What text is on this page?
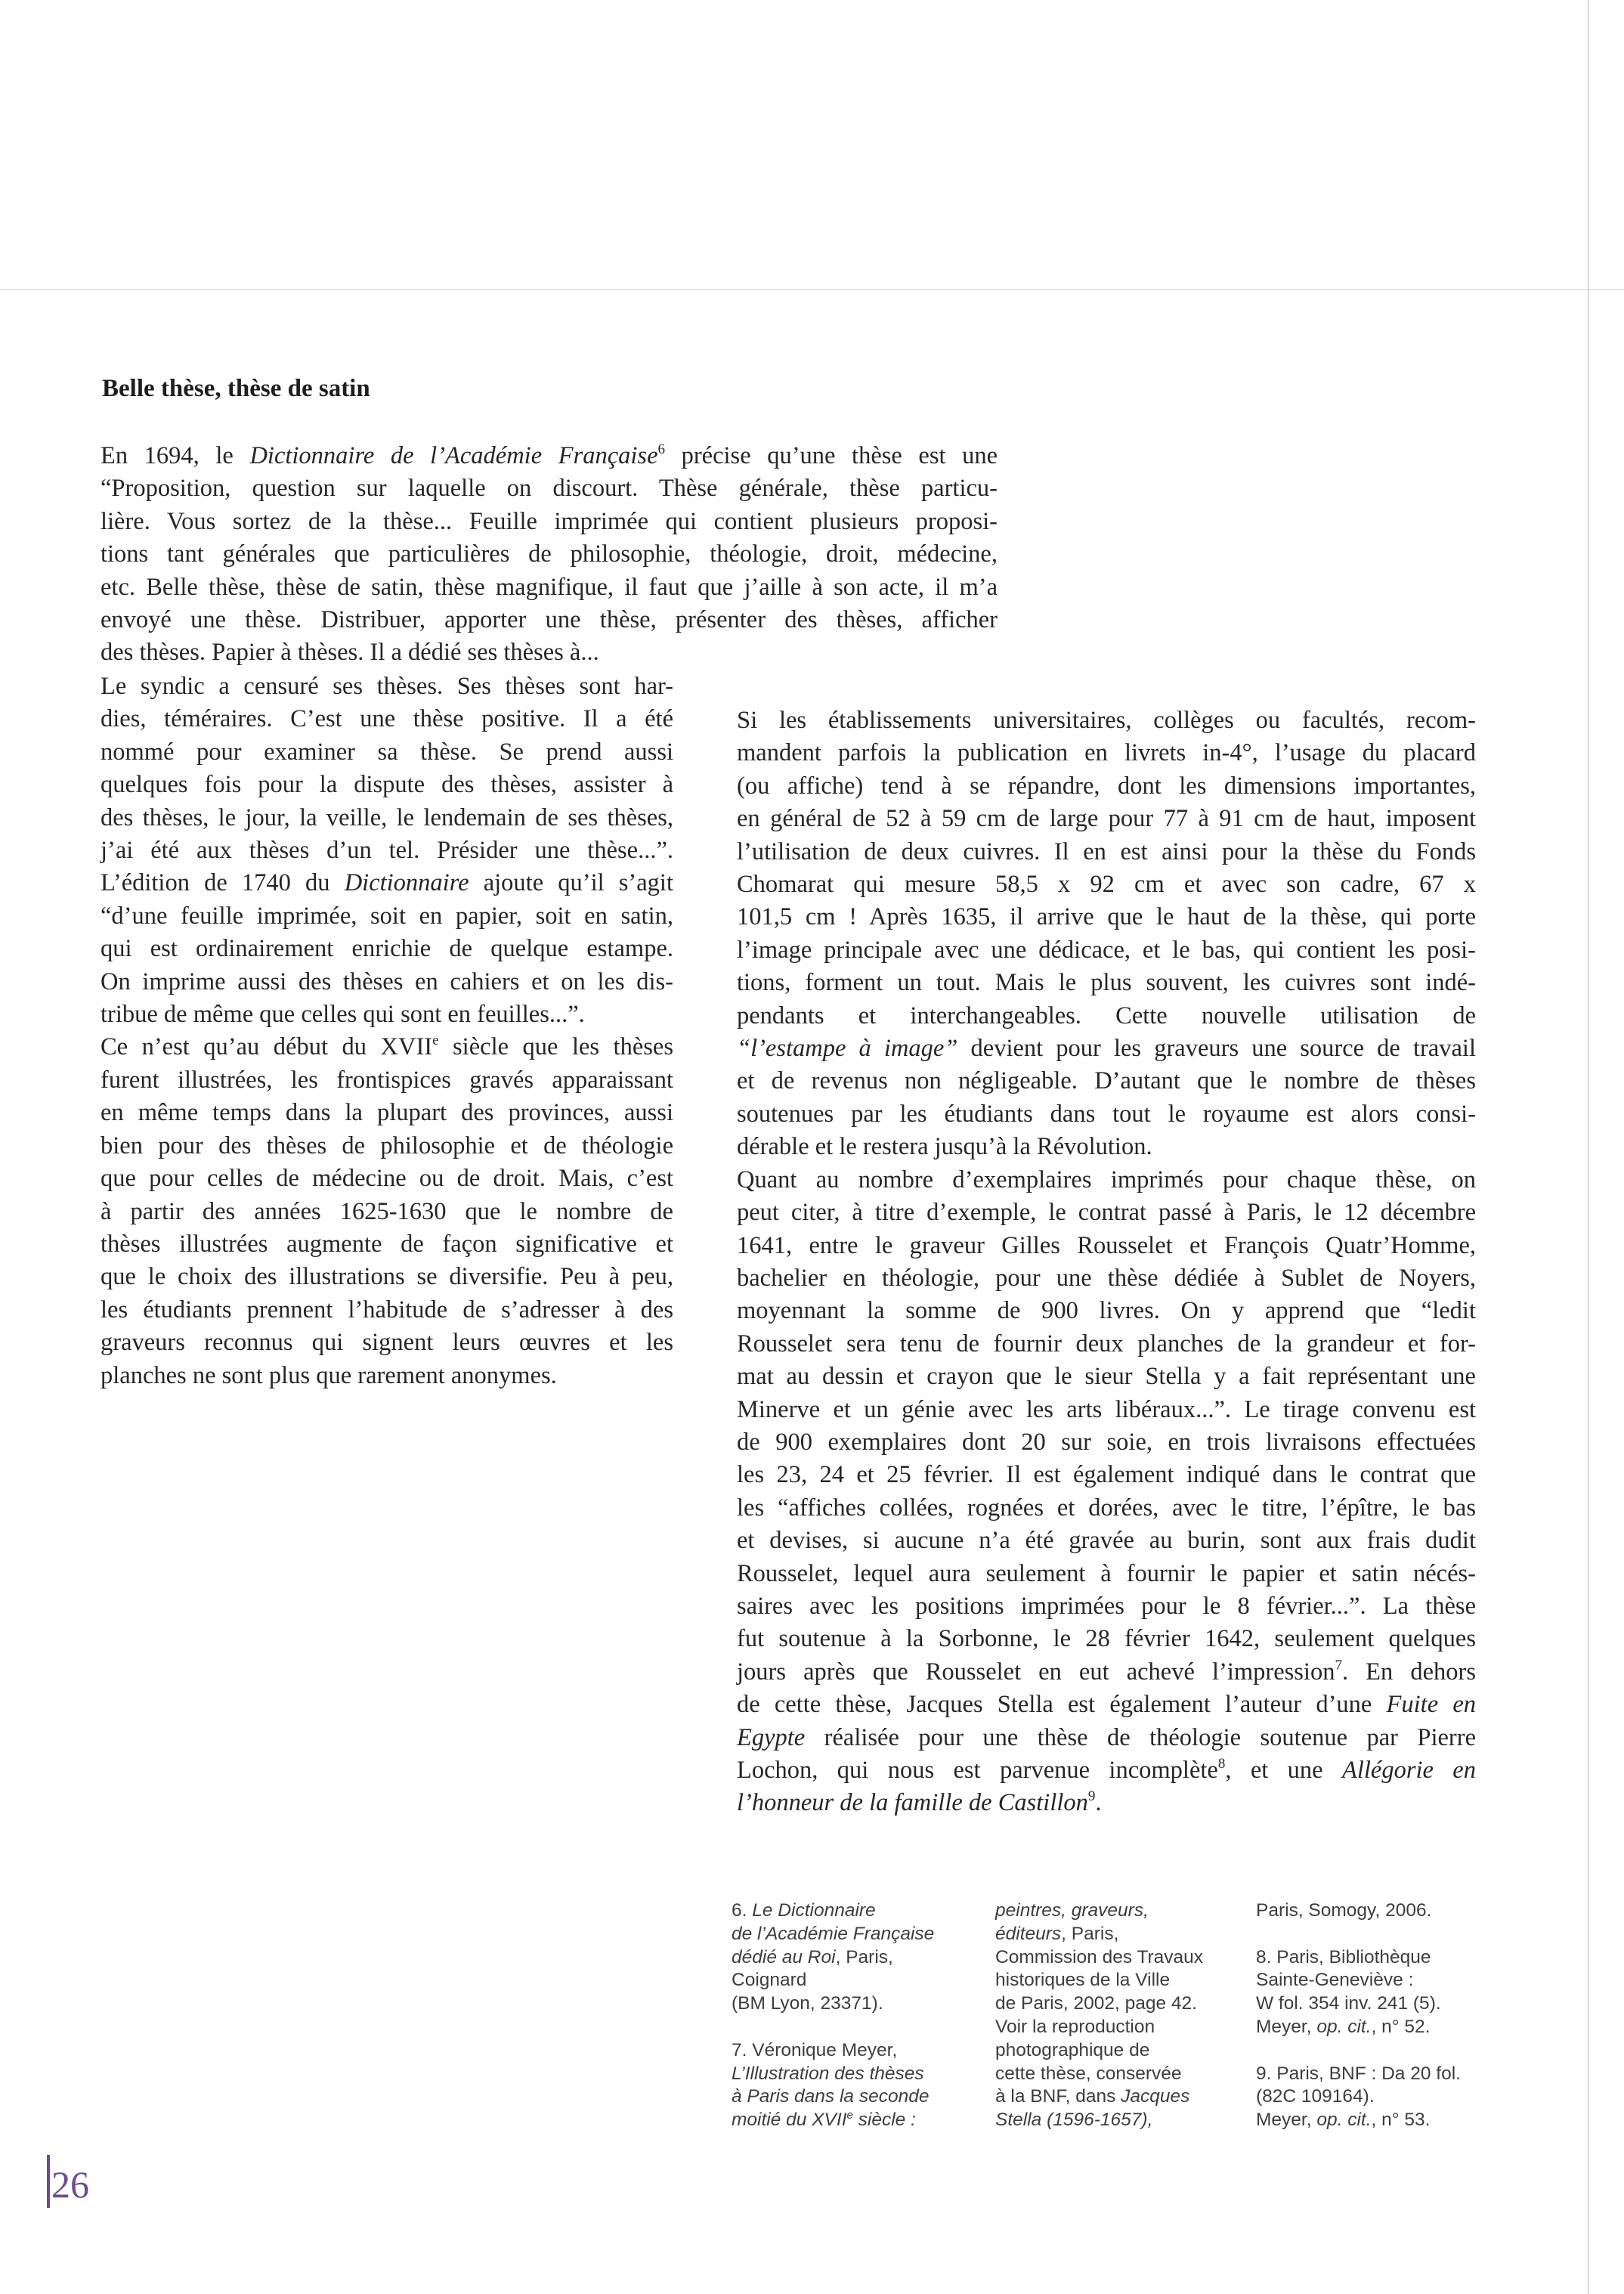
Belle thèse, thèse de satin

En 1694, le Dictionnaire de l’Académie Française$^6$ précise qu’une thèse est une
“Proposition, question sur laquelle on discourt. Thèse générale, thèse particu-
lière. Vous sortez de la thèse... Feuille imprimée qui contient plusieurs proposi-
tions tant générales que particulières de philosophie, théologie, droit, médecine,
etc. Belle thèse, thèse de satin, thèse magnifique, il faut que j’aille à son acte, il m’a
envoyé une thèse. Distribuer, apporter une thèse, présenter des thèses, afficher
des thèses. Papier à thèses. Il a dédié ses thèses à...

Le syndic a censuré ses thèses. Ses thèses sont har-
dies, téméraires. C’est une thèse positive. Il a été
nommé pour examiner sa thèse. Se prend aussi
quelques fois pour la dispute des thèses, assister à
des thèses, le jour, la veille, le lendemain de ses thèses,
j’ai été aux thèses d’un tel. Présider une thèse...”.
L’édition de 1740 du Dictionnaire ajoute qu’il s’agit
“d’une feuille imprimée, soit en papier, soit en satin,
qui est ordinairement enrichie de quelque estampe.
On imprime aussi des thèses en cahiers et on les dis-
tribue de même que celles qui sont en feuilles...”.
Ce n’est qu’au début du XVIIe siècle que les thèses
furent illustrées, les frontispices gravés apparaissant
en même temps dans la plupart des provinces, aussi
bien pour des thèses de philosophie et de théologie
que pour celles de médecine ou de droit. Mais, c’est
à partir des années 1625-1630 que le nombre de
thèses illustrées augmente de façon significative et
que le choix des illustrations se diversifie. Peu à peu,
les étudiants prennent l’habitude de s’adresser à des
graveurs reconnus qui signent leurs œuvres et les
planches ne sont plus que rarement anonymes.

Si les établissements universitaires, collèges ou facultés, recom-
mandent parfois la publication en livrets in-4°, l’usage du placard
(ou affiche) tend à se répandre, dont les dimensions importantes,
en général de 52 à 59 cm de large pour 77 à 91 cm de haut, imposent
l’utilisation de deux cuivres. Il en est ainsi pour la thèse du Fonds
Chomarat qui mesure 58,5 x 92 cm et avec son cadre, 67 x
101,5 cm ! Après 1635, il arrive que le haut de la thèse, qui porte
l’image principale avec une dédicace, et le bas, qui contient les posi-
tions, forment un tout. Mais le plus souvent, les cuivres sont indé-
pendants et interchangeables. Cette nouvelle utilisation de
“l’estampe à image” devient pour les graveurs une source de travail
et de revenus non négligeable. D’autant que le nombre de thèses
soutenues par les étudiants dans tout le royaume est alors consi-
dérable et le restera jusqu’à la Révolution.
Quant au nombre d’exemplaires imprimés pour chaque thèse, on
peut citer, à titre d’exemple, le contrat passé à Paris, le 12 décembre
1641, entre le graveur Gilles Rousselet et François Quatr’Homme,
bachelier en théologie, pour une thèse dédiée à Sublet de Noyers,
moyennant la somme de 900 livres. On y apprend que “ledit
Rousselet sera tenu de fournir deux planches de la grandeur et for-
mat au dessin et crayon que le sieur Stella y a fait représentant une
Minerve et un génie avec les arts libéraux...”. Le tirage convenu est
de 900 exemplaires dont 20 sur soie, en trois livraisons effectuées
les 23, 24 et 25 février. Il est également indiqué dans le contrat que
les “affiches collées, rognées et dorées, avec le titre, l’épître, le bas
et devises, si aucune n’a été gravée au burin, sont aux frais dudit
Rousselet, lequel aura seulement à fournir le papier et satin nécés-
saires avec les positions imprimées pour le 8 février...”. La thèse
fut soutenue à la Sorbonne, le 28 février 1642, seulement quelques
jours après que Rousselet en eut achevé l’impression$^7$. En dehors
de cette thèse, Jacques Stella est également l’auteur d’une Fuite en
Egypte réalisée pour une thèse de théologie soutenue par Pierre
Lochon, qui nous est parvenue incomplète$^8$, et une Allégorie en
l’honneur de la famille de Castillon$^9$.

6. Le Dictionnaire
de l’Académie Française
dédié au Roi, Paris,
Coignard
(BM Lyon, 23371).
7. Véronique Meyer,
L’Illustration des thèses
à Paris dans la seconde
moitié du XVIIe siècle :
peintres, graveurs,
éditeurs, Paris,
Commission des Travaux
historiques de la Ville
de Paris, 2002, page 42.
Voir la reproduction
photographique de
cette thèse, conservée
à la BNF, dans Jacques
Stella (1596-1657),
Paris, Somogy, 2006.
8. Paris, Bibliothèque
Sainte-Geneviève :
W fol. 354 inv. 241 (5).
Meyer, op. cit., n° 52.
9. Paris, BNF : Da 20 fol.
(82C 109164).
Meyer, op. cit., n° 53.
26
